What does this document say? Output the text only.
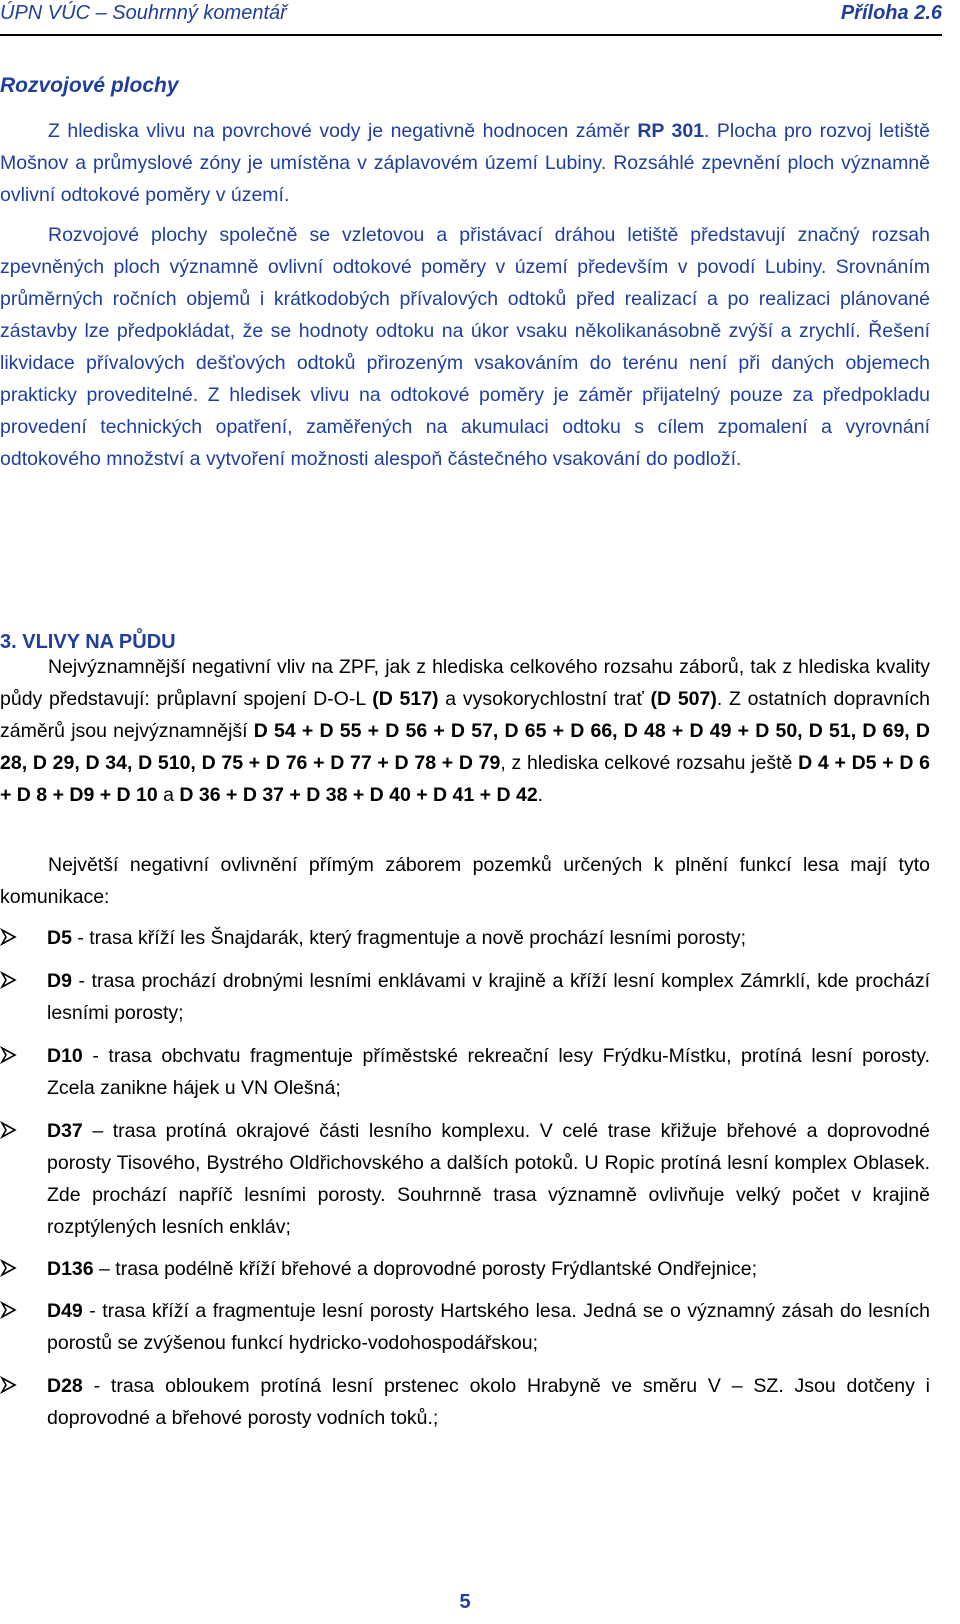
ÚPN VÚC – Souhrnný komentář	Příloha 2.6
Rozvojové plochy

Z hlediska vlivu na povrchové vody je negativně hodnocen záměr RP 301. Plocha pro rozvoj letiště Mošnov a průmyslové zóny je umístěna v záplavovém území Lubiny. Rozsáhlé zpevnění ploch významně ovlivní odtokové poměry v území.

Rozvojové plochy společně se vzletovou a přistávací dráhou letiště představují značný rozsah zpevněných ploch významně ovlivní odtokové poměry v území především v povodí Lubiny. Srovnáním průměrných ročních objemů i krátkodobých přívalových odtoků před realizací a po realizaci plánované zástavby lze předpokládat, že se hodnoty odtoku na úkor vsaku několikanásobně zvýší a zrychlí. Řešení likvidace přívalových dešťových odtoků přirozeným vsakováním do terénu není při daných objemech prakticky proveditelné. Z hledisek vlivu na odtokové poměry je záměr přijatelný pouze za předpokladu provedení technických opatření, zaměřených na akumulaci odtoku s cílem zpomalení a vyrovnání odtokového množství a vytvoření možnosti alespoň částečného vsakování do podloží.

3. VLIVY NA PŮDU

Nejvýznamnější negativní vliv na ZPF, jak z hlediska celkového rozsahu záborů, tak z hlediska kvality půdy představují: průplavní spojení D-O-L (D 517) a vysokorychlostní trať (D 507). Z ostatních dopravních záměrů jsou nejvýznamnější D 54 + D 55 + D 56 + D 57, D 65 + D 66, D 48 + D 49 + D 50, D 51, D 69, D 28, D 29, D 34, D 510, D 75 + D 76 + D 77 + D 78 + D 79, z hlediska celkové rozsahu ještě D 4 + D5 + D 6 + D 8 + D9 + D 10 a D 36 + D 37 + D 38 + D 40 + D 41 + D 42.

Největší negativní ovlivnění přímým záborem pozemků určených k plnění funkcí lesa mají tyto komunikace:

D5 - trasa kříží les Šnajdarák, který fragmentuje a nově prochází lesními porosty;
D9 - trasa prochází drobnými lesními enklávami v krajině a kříží lesní komplex Zámrklí, kde prochází lesními porosty;
D10 - trasa obchvatu fragmentuje příměstské rekreační lesy Frýdku-Místku, protíná lesní porosty. Zcela zanikne hájek u VN Olešná;
D37 – trasa protíná okrajové části lesního komplexu. V celé trase křižuje břehové a doprovodné porosty Tisového, Bystrého Oldřichovského a dalších potoků. U Ropic protíná lesní komplex Oblasek. Zde prochází napříč lesními porosty. Souhrnně trasa významně ovlivňuje velký počet v krajině rozptýlených lesních enkláv;
D136 – trasa podélně kříží břehové a doprovodné porosty Frýdlantské Ondřejnice;
D49 - trasa kříží a fragmentuje lesní porosty Hartského lesa. Jedná se o významný zásah do lesních porostů se zvýšenou funkcí hydricko-vodohospodářskou;
D28 - trasa obloukem protíná lesní prstenec okolo Hrabyně ve směru V – SZ. Jsou dotčeny i doprovodné a břehové porosty vodních toků.;
5
